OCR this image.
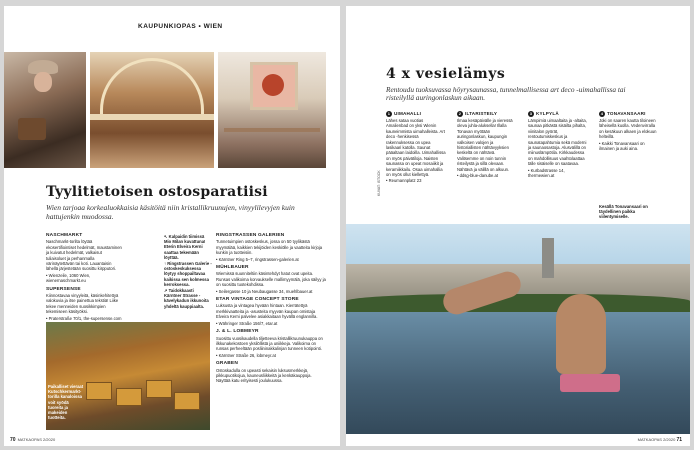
KAUPUNKIOPAS • WIEN

↖ Kalpaidin tiimissä Mio Milan kuvattuna! Eterin Elveira Kerni saattaa tekemään löyttää.

↑ Ringstrassen Galerie -ostoskeskuksessa löytyy shoppailtavaa kaikissa sen kolmessa kerroksessa.

↗ Taidokkaasti Kärntner Strasse -kävelykadun ikkunoita yhdeltä kauppiaalta.

Tyylitietoisen ostosparatiisi
Wien tarjoaa korkealuokkaisia käsitöitä niin kristallikruunujen, vinyylilevyjen kuin hattujenkin muodossa.
NASCHMARKT

Naschmarkt-torilta löytää ekosertifiointiset hedelmät, maustaminen ja kuivatut hedelmät, valkaisut tuliaisoluet ja perhanmalla värinäytettävän tai koti. Lauantaisin lähellä järjestetään suosittu kirpputori.

• Wienzeile, 1060 Wien, wienernaschmarkt.eu

SUPERSENSE

Kiinnostavaa vinyyleitä, käsinkehitettyä valokuvia ja itse painettua tekstiä! Liike tekee menneiden suosikkimpien tekemiseen käsityöksi.

• Praterstraße 70/1, the-supersense.com

Paikalliset vieraat Kutschkermarkt-torilla kanaloissa voit syödä tuoreita ja makeiden tuotteita.
RINGSTRASSEN GALERIEN

Tunnetuimpien ostoskeskus, jossa on 50 tyylikästä myymälää, kaikkien tekijöiden keskiölle ja vaatteita kirjoja kunkin ja tuotteisiin.

• Kärntner Ring 5–7, ringstrassen-galerien.at

MÜHLBAUER

Wiemissä suunniteltiin käsintehdyt hatut ovat upeita. Runsas valikoima korvaukselle mallimyymälä, joka säilyy ja on suosittu tuotekohdissa.

• Seilergasse 10 ja Neubaugasse 34, muehlbauer.at

ETAR VINTAGE CONCEPT STORE

Luksusta ja vintagea hyvään hintaan. Kierrätettyä merkkivaatteita ja -asusteita myyvän kaupan omistaja Elveira Kerni palvelee asiakkaitaan hyvällä englannilla.

• Währinger Straße 156/7, etar.at

J. & L. LOBMEYR

Suosittu vuosikaudella tiljetteeva kristallikruunukauppa on ilkkunakekostoen yksilöllistä ja uniikkeja. Valikoima on runsas perheeltään posliininakkalinjan tunneen kotipointi.

• Kärntner Straße 26, lobmeyr.at

GRABEN

Ostoskadulla on upeasti sekaisin luksusmerkkejä, pikkupuotikojua, kauneusliikkeitä ja kenkäkauppoja. Näyttää katu erityisesti joulukuussa.

70 MATKAOPAS 2/2020
4 x vesielämys
Rentoudu tuoksuvassa höyrysaunassa, tunnelmallisessa art deco -uimahallissa tai risteilyllä auringonlaskun aikaan.
KUVAT: ISTOCK
1 UIMAHALLI

Lähes sataa vuotias Amalienbad on yksi Wienin kauneimmista uimahalleista. Art deco -henkisessä rakennuksessa on upea lasikaari katolla. Saunat pääaltaan laidoilla. Uimahallissa on myös päivätiloja. Naisten saunassa on upeat mosaiikit ja keramiikkailu. Osaa uimahallia on myös ollut kiellettyä.

• Reumannplatz 23

2 ILTARISTEILY

Ilmaa kesäpäivälle ja vieressä oleva juhla-aluksella! Illalla Tonavan myötään auringonlaskun, kaupungin valkoisen valojen ja historiallisten nähtävyyksien keskeltä on nähtävä. Valitsemme on noin tunnin risteilystä ja sillä olevaan. Nähtävä ja välillä on alkuun.

• ddsg-blue-danube.at

3 KYLPYLÄ

Lämpimiä uimaaltaita ja -altaita, saunaa pitkästä sisäilta pihalta, viinitalon pyörät, rentoutumiskeskus ja saunatapahtumia sekä moderni ja saunaosastoja. Alusvälillä on miinuslämpötila. Kirkkaudessa on mahdollisuus vaahtolaattaa tälle sisäiselle on saatavaa.

• Kurbadstrasse 14, thermewien.at

4 TONAVANSAARI

Joki on saaren kautta tiloineen läheisellä kuolla. Vedenvirralla on kesäkuun alkaen ja elokuun helteillä.

• Kaikki Tonavansaari on ilmainen ja auki aina.

Kesällä Tonavansaari on täydellinen paikka viilentymiselle.
MATKAOPAS 2/2020 71
